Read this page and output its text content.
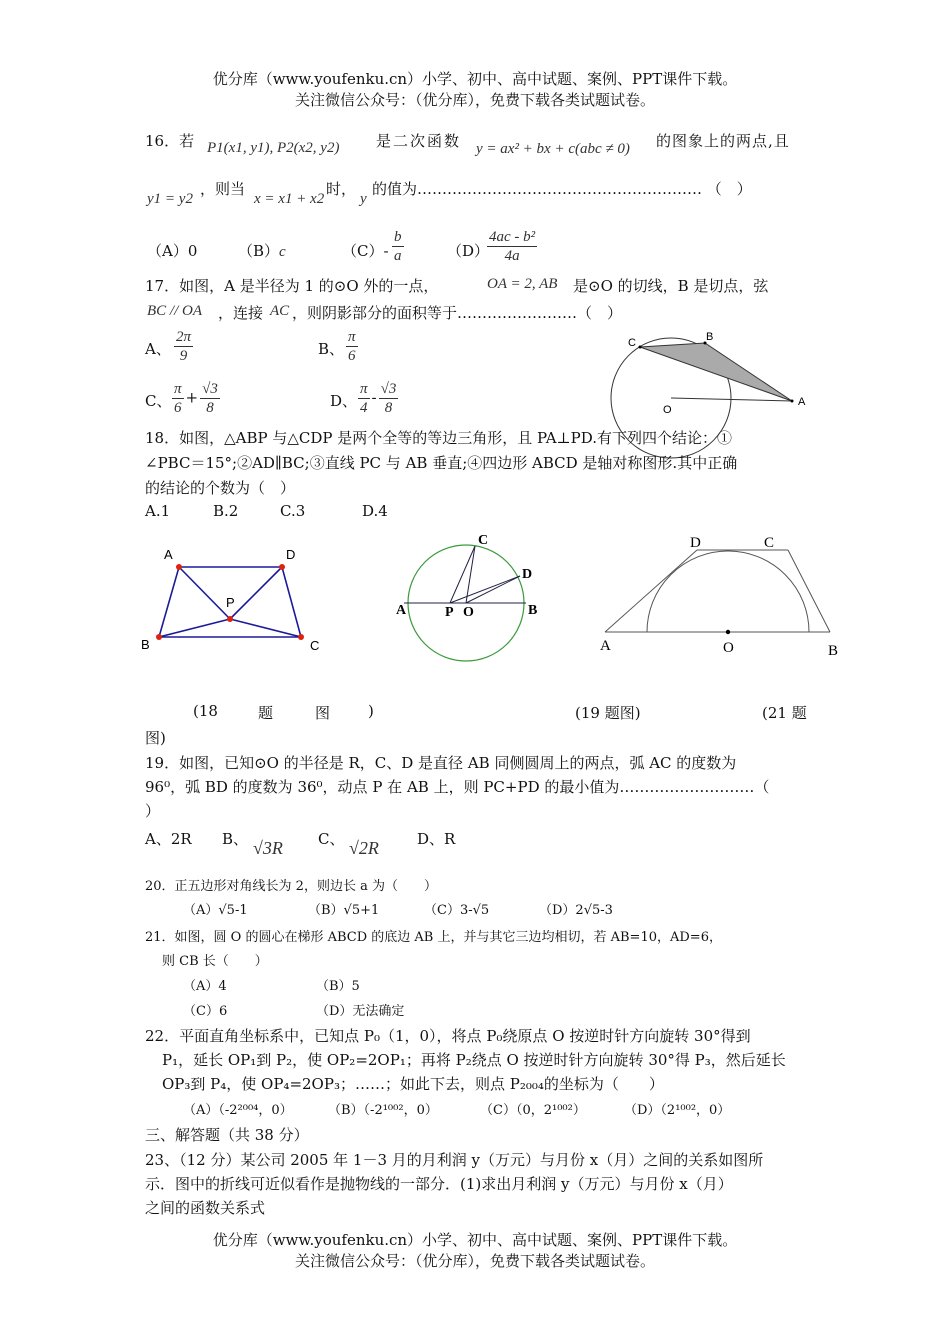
优分库（www.youfenku.cn）小学、初中、高中试题、案例、PPT课件下载。
关注微信公众号：（优分库），免费下载各类试题试卷。
16．若 P1(x1, y1), P2(x2, y2) 是二次函数 y = ax² + bx + c(abc ≠ 0) 的图象上的两点,且
y1 = y2
，则当
x = x1 + x2
时，
y
的值为………………………………………………… （　）
（A）0	（B）c	$(C)- \frac{b}{a}$	（D）
$\frac{\text{4ac - b²}}{4a}$
17．如图，A 是半径为 1 的⊙O 外的一点，	OA = 2, AB 是⊙O 的切线，B 是切点，弦
BC // OA ，连接 AC ，则阴影部分的面积等于……………………（　）
A、 $\frac{2\pi}{9}$	B、 $\frac{\pi}{6}$
C、 $\frac{\pi}{6} + \frac{√3}{8}$	D、 $\frac{\pi}{4} - \frac{√3}{8}$
C	B
O
A
18．如图，△ABP 与△CDP 是两个全等的等边三角形，且 PA⊥PD.有下列四个结论：①
∠PBC＝15°;②AD∥BC;③直线 PC 与 AB 垂直;④四边形 ABCD 是轴对称图形.其中正确
的结论的个数为（　）
A.1	B.2	C.3	D.4
A	D
P
B	C
C
D
A	P O	B
D	C
A	O	B
(18	题	图	)	(19 题图)	(21 题
图)
19．如图，已知⊙O 的半径是 R，C、D 是直径 AB 同侧圆周上的两点，弧 AC 的度数为
96⁰，弧 BD 的度数为 36⁰，动点 P 在 AB 上，则 PC+PD 的最小值为………………………（
）
A、2R B、 √3R C、 √2R	D、R
20．正五边形对角线长为 2，则边长 a 为（　　）
（A）√5-1	（B）√5+1	（C）3-√5	（D）2√5-3
21．如图，圆 O 的圆心在梯形 ABCD 的底边 AB 上，并与其它三边均相切，若 AB=10，AD=6，
则 CB 长（　　）
（A）4	（B）5
（C）6	（D）无法确定
22．平面直角坐标系中，已知点 P₀（1，0），将点 P₀绕原点 O 按逆时针方向旋转 30°得到
P₁，延长 OP₁到 P₂，使 OP₂=2OP₁；再将 P₂绕点 O 按逆时针方向旋转 30°得 P₃，然后延长
OP₃到 P₄，使 OP₄=2OP₃；……；如此下去，则点 P₂₀₀₄的坐标为（　　）
（A）（-2²⁰⁰⁴，0）	（B）（-2¹⁰⁰²，0）	（C）（0，2¹⁰⁰²）	（D）（2¹⁰⁰²，0）
三、解答题（共 38 分）
23、（12 分）某公司 2005 年 1－3 月的月利润 y（万元）与月份 x（月）之间的关系如图所
示．图中的折线可近似看作是抛物线的一部分．(1)求出月利润 y（万元）与月份 x（月）
之间的函数关系式
优分库（www.youfenku.cn）小学、初中、高中试题、案例、PPT课件下载。
关注微信公众号：（优分库），免费下载各类试题试卷。
